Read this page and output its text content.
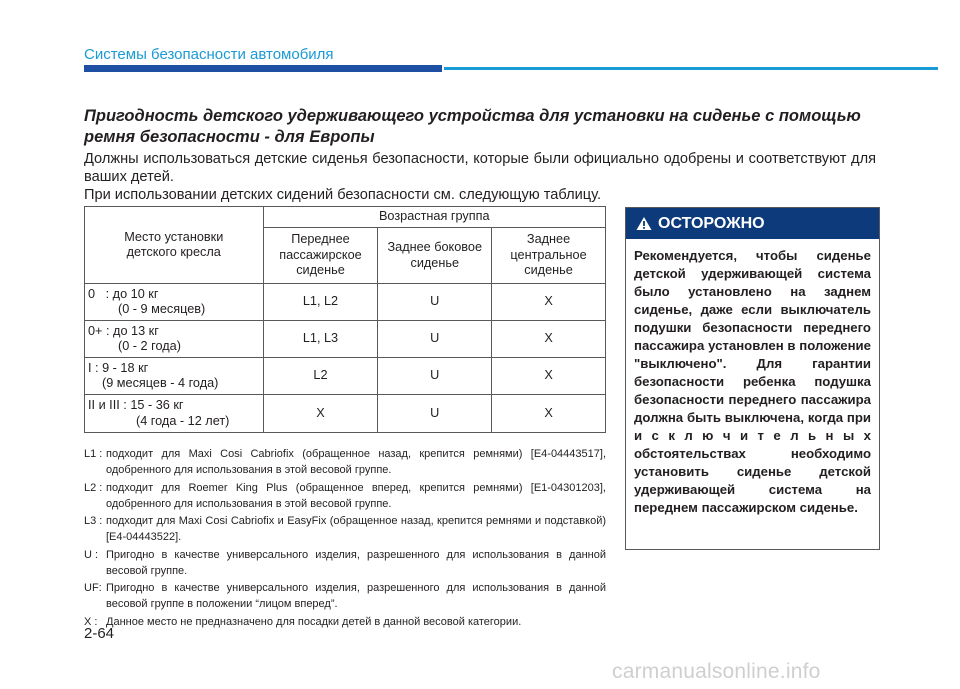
Системы безопасности автомобиля
Пригодность детского удерживающего устройства для установки на сиденье с помощью ремня безопасности - для Европы
Должны использоваться детские сиденья безопасности, которые были официально одобрены и соответствуют для ваших детей.
При использовании детских сидений безопасности см. следующую таблицу.
Место установки детского кресла	Возрастная группа		
	Переднее пассажирское сиденье	Заднее боковое сиденье	Заднее центральное сиденье

0   : до 10 кг
(0 - 9 месяцев)	L1, L2	U	X

0+ : до 13 кг
(0 - 2 года)	L1, L3	U	X

I : 9 - 18 кг
(9 месяцев - 4 года)	L2	U	X

II и III : 15 - 36 кг
(4 года - 12 лет)	X	U	X
L1 : подходит для Maxi Cosi Cabriofix (обращенное назад, крепится ремнями) [E4-04443517], одобренного для использования в этой весовой группе.
L2 : подходит для Roemer King Plus (обращенное вперед, крепится ремнями) [E1-04301203], одобренного для использования в этой весовой группе.
L3 : подходит для Maxi Cosi Cabriofix и EasyFix (обращенное назад, крепится ремнями и подставкой) [E4-04443522].
U : Пригодно в качестве универсального изделия, разрешенного для использования в данной весовой группе.
UF: Пригодно в качестве универсального изделия, разрешенного для использования в данной весовой группе в положении “лицом вперед”.
X : Данное место не предназначено для посадки детей в данной весовой категории.
ОСТОРОЖНО
Рекомендуется, чтобы сиденье детской удерживающей система было установлено на заднем сиденье, даже если выключатель подушки безопасности переднего пассажира установлен в положение "выключено". Для гарантии безопасности ребенка подушка безопасности переднего пассажира должна быть выключена, когда при и с к л ю ч и т е л ь н ы х обстоятельствах необходимо установить сиденье детской удерживающей система на переднем пассажирском сиденье.
2-64
carmanualsonline.info
